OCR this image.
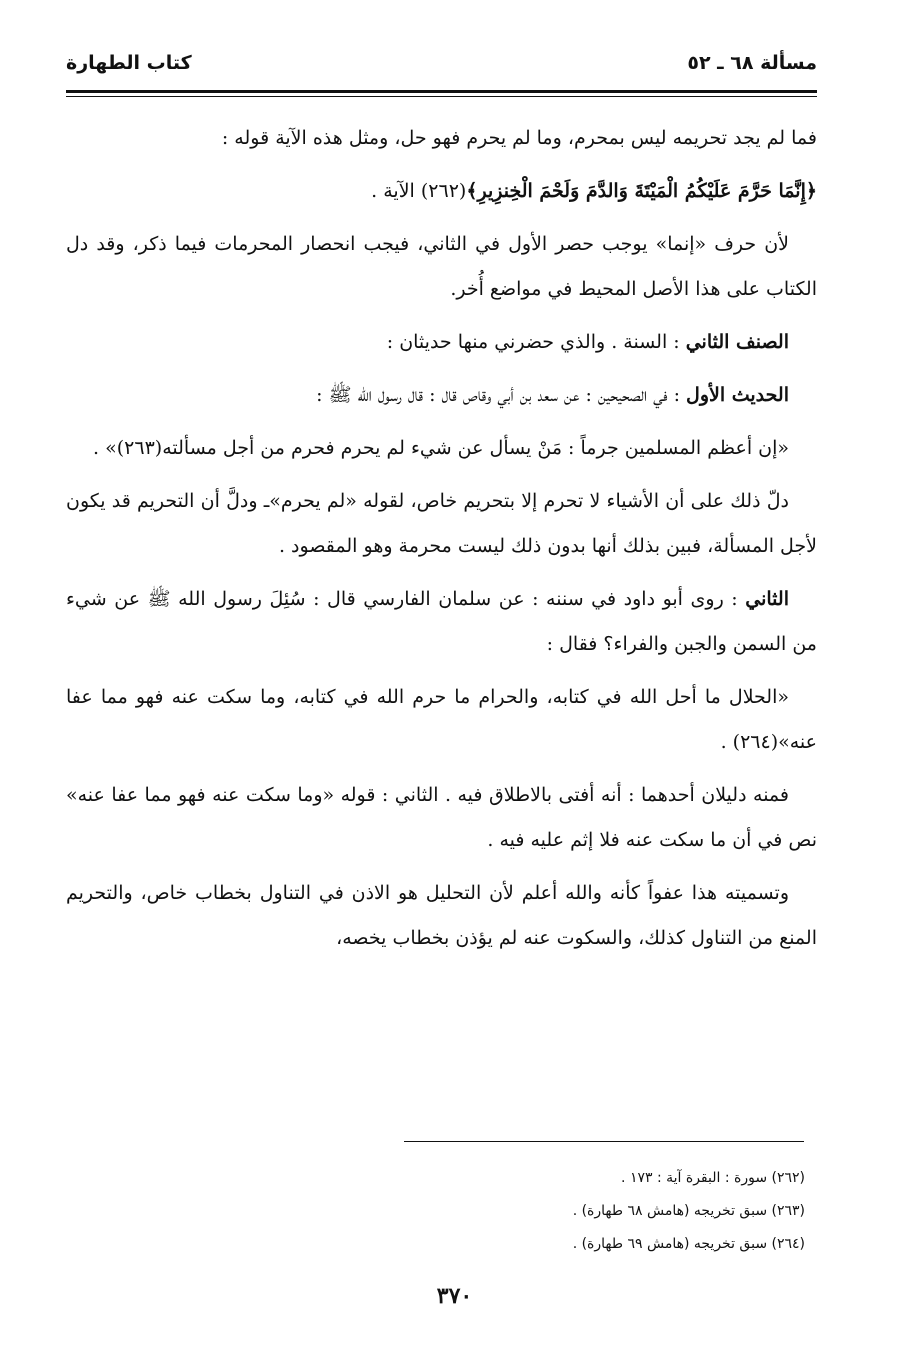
مسألة ٦٨ ـ ٥٢
كتاب الطهارة

فما لم يجد تحريمه ليس بمحرم، وما لم يحرم فهو حل، ومثل هذه الآية قوله :

﴿إِنَّمَا حَرَّمَ عَلَيْكُمُ الْمَيْتَةَ وَالدَّمَ وَلَحْمَ الْخِنزِيرِ﴾(٢٦٢) الآية .

لأن حرف «إنما» يوجب حصر الأول في الثاني، فيجب انحصار المحرمات فيما ذكر، وقد دل الكتاب على هذا الأصل المحيط في مواضع أُخر.

الصنف الثاني : السنة . والذي حضرني منها حديثان :

الحديث الأول : في الصحيحين : عن سعد بن أبي وقاص قال : قال رسول الله ﷺ :

«إن أعظم المسلمين جرماً : مَنْ يسأل عن شيء لم يحرم فحرم من أجل مسألته(٢٦٣)» .

دلّ ذلك على أن الأشياء لا تحرم إلا بتحريم خاص، لقوله «لم يحرم»ـ ودلَّ أن التحريم قد يكون لأجل المسألة، فبين بذلك أنها بدون ذلك ليست محرمة وهو المقصود .

الثاني : روى أبو داود في سننه : عن سلمان الفارسي قال : سُئِلَ رسول الله ﷺ عن شيء من السمن والجبن والفراء؟ فقال :

«الحلال ما أحل الله في كتابه، والحرام ما حرم الله في كتابه، وما سكت عنه فهو مما عفا عنه»(٢٦٤) .

فمنه دليلان أحدهما : أنه أفتى بالاطلاق فيه . الثاني : قوله «وما سكت عنه فهو مما عفا عنه» نص في أن ما سكت عنه فلا إثم عليه فيه .

وتسميته هذا عفواً كأنه والله أعلم لأن التحليل هو الاذن في التناول بخطاب خاص، والتحريم المنع من التناول كذلك، والسكوت عنه لم يؤذن بخطاب يخصه،

(٢٦٢) سورة : البقرة آية : ١٧٣ .
(٢٦٣) سبق تخريجه (هامش ٦٨ طهارة) .
(٢٦٤) سبق تخريجه (هامش ٦٩ طهارة) .
٣٧٠
